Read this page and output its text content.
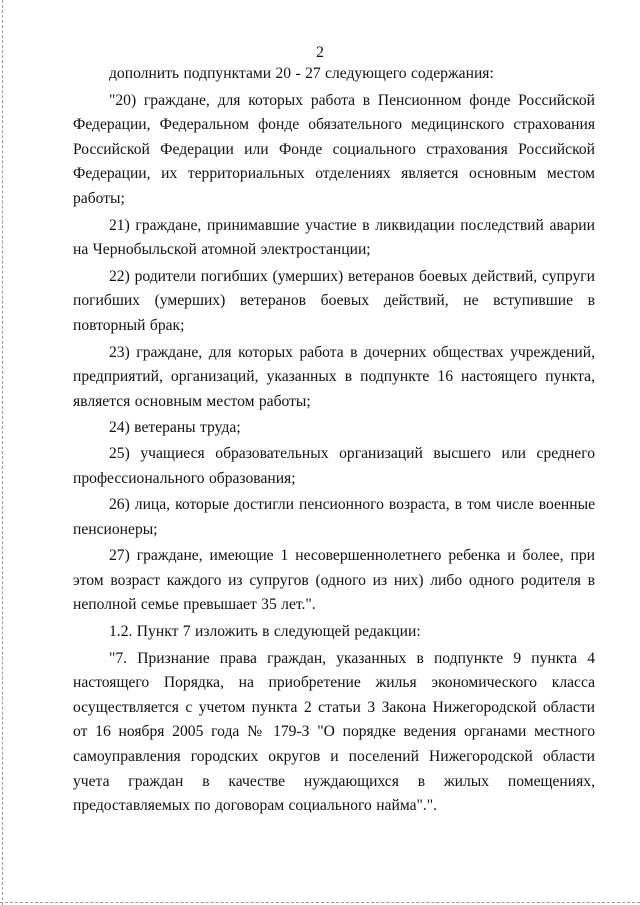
2

дополнить подпунктами 20 - 27 следующего содержания:

"20) граждане, для которых работа в Пенсионном фонде Российской Федерации, Федеральном фонде обязательного медицинского страхования Российской Федерации или Фонде социального страхования Российской Федерации, их территориальных отделениях является основным местом работы;

21) граждане, принимавшие участие в ликвидации последствий аварии на Чернобыльской атомной электростанции;

22) родители погибших (умерших) ветеранов боевых действий, супруги погибших (умерших) ветеранов боевых действий, не вступившие в повторный брак;

23) граждане, для которых работа в дочерних обществах учреждений, предприятий, организаций, указанных в подпункте 16 настоящего пункта, является основным местом работы;

24) ветераны труда;

25) учащиеся образовательных организаций высшего или среднего профессионального образования;

26) лица, которые достигли пенсионного возраста, в том числе военные пенсионеры;

27) граждане, имеющие 1 несовершеннолетнего ребенка и более, при этом возраст каждого из супругов (одного из них) либо одного родителя в неполной семье превышает 35 лет.".

1.2. Пункт 7 изложить в следующей редакции:

"7. Признание права граждан, указанных в подпункте 9 пункта 4 настоящего Порядка, на приобретение жилья экономического класса осуществляется с учетом пункта 2 статьи 3 Закона Нижегородской области от 16 ноября 2005 года № 179-З "О порядке ведения органами местного самоуправления городских округов и поселений Нижегородской области учета граждан в качестве нуждающихся в жилых помещениях, предоставляемых по договорам социального найма".".
